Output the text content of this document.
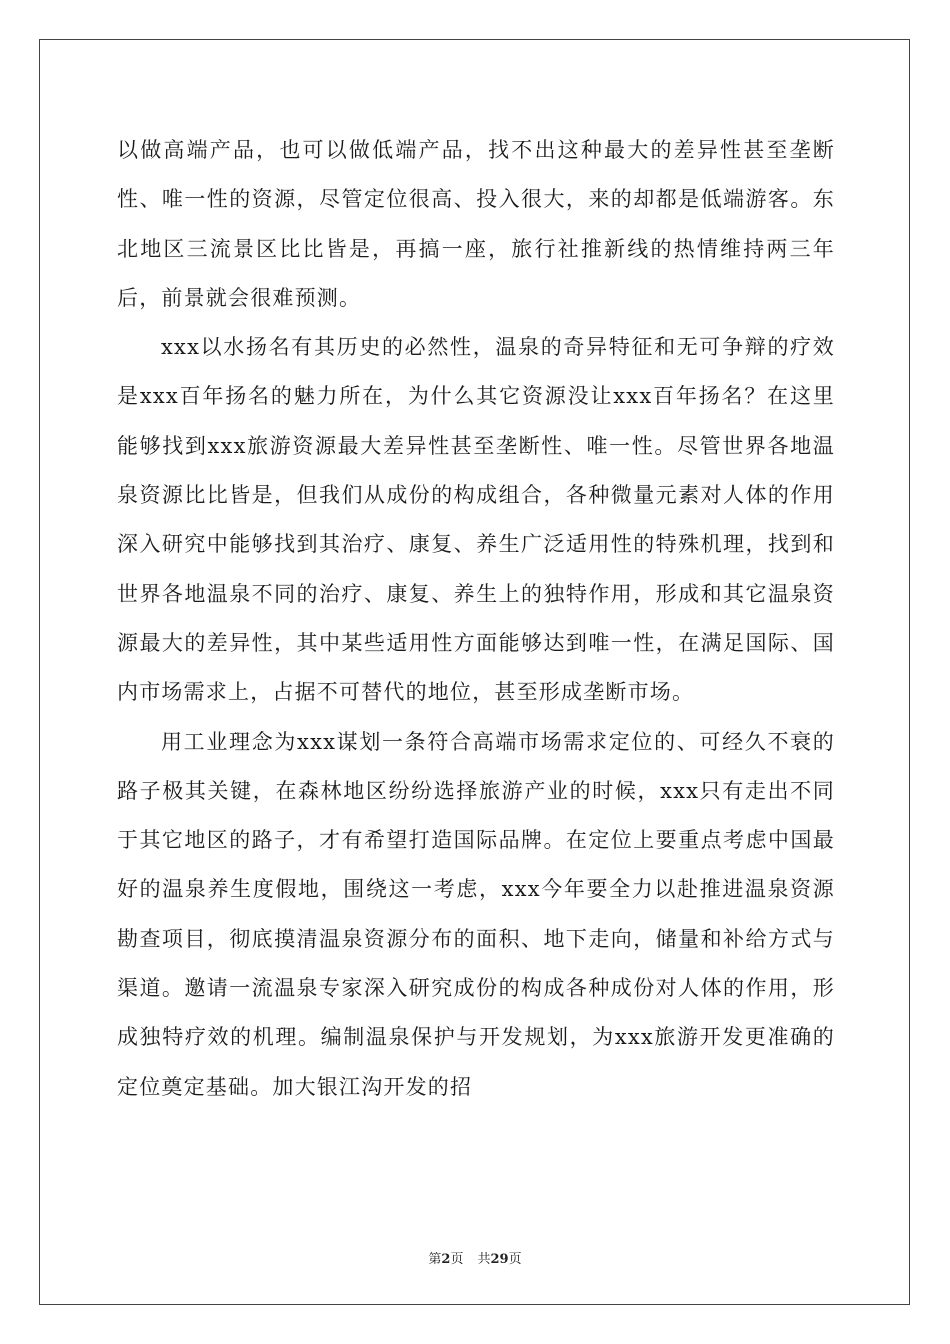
以做高端产品，也可以做低端产品，找不出这种最大的差异性甚至垄断性、唯一性的资源，尽管定位很高、投入很大，来的却都是低端游客。东北地区三流景区比比皆是，再搞一座，旅行社推新线的热情维持两三年后，前景就会很难预测。

xxx以水扬名有其历史的必然性，温泉的奇异特征和无可争辩的疗效是xxx百年扬名的魅力所在，为什么其它资源没让xxx百年扬名？在这里能够找到xxx旅游资源最大差异性甚至垄断性、唯一性。尽管世界各地温泉资源比比皆是，但我们从成份的构成组合，各种微量元素对人体的作用深入研究中能够找到其治疗、康复、养生广泛适用性的特殊机理，找到和世界各地温泉不同的治疗、康复、养生上的独特作用，形成和其它温泉资源最大的差异性，其中某些适用性方面能够达到唯一性，在满足国际、国内市场需求上，占据不可替代的地位，甚至形成垄断市场。

用工业理念为xxx谋划一条符合高端市场需求定位的、可经久不衰的路子极其关键，在森林地区纷纷选择旅游产业的时候，xxx只有走出不同于其它地区的路子，才有希望打造国际品牌。在定位上要重点考虑中国最好的温泉养生度假地，围绕这一考虑，xxx今年要全力以赴推进温泉资源勘查项目，彻底摸清温泉资源分布的面积、地下走向，储量和补给方式与渠道。邀请一流温泉专家深入研究成份的构成各种成份对人体的作用，形成独特疗效的机理。编制温泉保护与开发规划，为xxx旅游开发更准确的定位奠定基础。加大银江沟开发的招

第2页 共29页
